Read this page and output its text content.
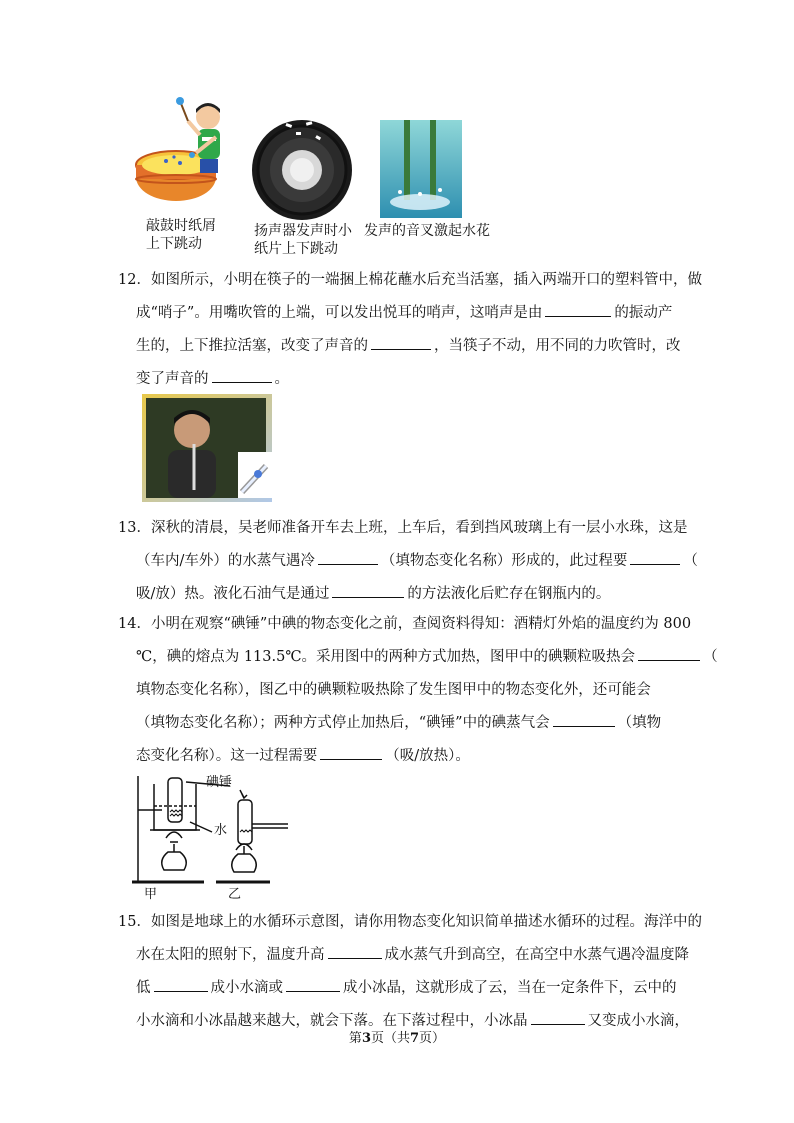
敲鼓时纸屑
上下跳动
扬声器发声时小
纸片上下跳动
发声的音叉激起水花
12．如图所示，小明在筷子的一端捆上棉花蘸水后充当活塞，插入两端开口的塑料管中，做
成“哨子”。用嘴吹管的上端，可以发出悦耳的哨声，这哨声是由	的振动产
生的，上下推拉活塞，改变了声音的	，当筷子不动，用不同的力吹管时，改
变了声音的	。
13．深秋的清晨，吴老师准备开车去上班，上车后，看到挡风玻璃上有一层小水珠，这是
（车内/车外）的水蒸气遇冷	（填物态变化名称）形成的，此过程要	（
吸/放）热。液化石油气是通过	的方法液化后贮存在钢瓶内的。
14．小明在观察“碘锤”中碘的物态变化之前，查阅资料得知：酒精灯外焰的温度约为 800
℃，碘的熔点为 113.5℃。采用图中的两种方式加热，图甲中的碘颗粒吸热会	（
填物态变化名称），图乙中的碘颗粒吸热除了发生图甲中的物态变化外，还可能会
（填物态变化名称）；两种方式停止加热后，“碘锤”中的碘蒸气会	（填物
态变化名称）。这一过程需要	（吸/放热）。
碘锤
水
甲	乙
15．如图是地球上的水循环示意图，请你用物态变化知识简单描述水循环的过程。海洋中的
水在太阳的照射下，温度升高	成水蒸气升到高空，在高空中水蒸气遇冷温度降
低	成小水滴或	成小冰晶，这就形成了云，当在一定条件下，云中的
小水滴和小冰晶越来越大，就会下落。在下落过程中，小冰晶	又变成小水滴，
第3页（共7页）
